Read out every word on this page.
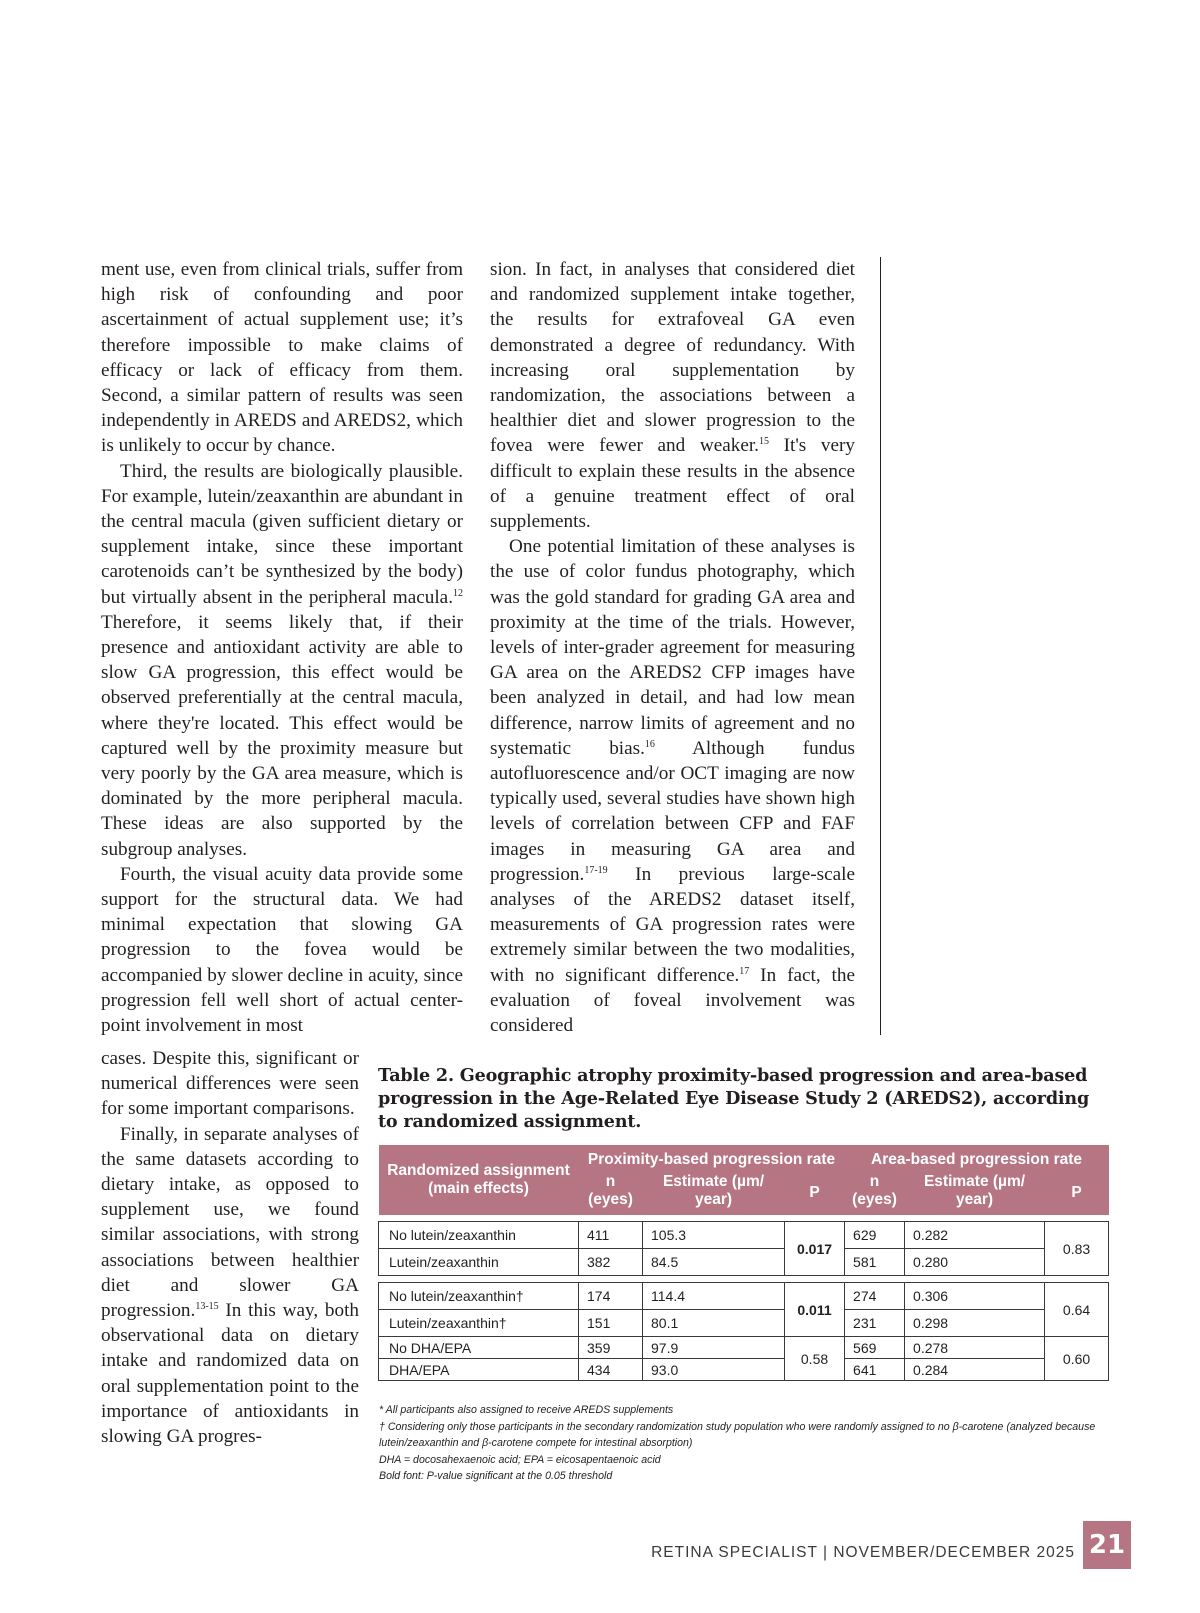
ment use, even from clinical trials, suffer from high risk of confounding and poor ascertainment of actual supplement use; it’s therefore impossible to make claims of efficacy or lack of efficacy from them. Second, a similar pattern of results was seen independently in AREDS and AREDS2, which is unlikely to occur by chance.

Third, the results are biologically plausible. For example, lutein/zeaxanthin are abundant in the central macula (given sufficient dietary or supplement intake, since these important carotenoids can’t be synthesized by the body) but virtually absent in the peripheral macula.$^{12}$ Therefore, it seems likely that, if their presence and antioxidant activity are able to slow GA progression, this effect would be observed preferentially at the central macula, where they're located. This effect would be captured well by the proximity measure but very poorly by the GA area measure, which is dominated by the more peripheral macula. These ideas are also supported by the subgroup analyses.

Fourth, the visual acuity data provide some support for the structural data. We had minimal expectation that slowing GA progression to the fovea would be accompanied by slower decline in acuity, since progression fell well short of actual center-point involvement in most

cases. Despite this, significant or numerical differences were seen for some important comparisons.

Finally, in separate analyses of the same datasets according to dietary intake, as opposed to supplement use, we found similar associations, with strong associations between healthier diet and slower GA progression.$^{13-15}$ In this way, both observational data on dietary intake and randomized data on oral supplementation point to the importance of antioxidants in slowing GA progres-

sion. In fact, in analyses that considered diet and randomized supplement intake together, the results for extrafoveal GA even demonstrated a degree of redundancy. With increasing oral supplementation by randomization, the associations between a healthier diet and slower progression to the fovea were fewer and weaker.$^{15}$ It's very difficult to explain these results in the absence of a genuine treatment effect of oral supplements.

One potential limitation of these analyses is the use of color fundus photography, which was the gold standard for grading GA area and proximity at the time of the trials. However, levels of inter-grader agreement for measuring GA area on the AREDS2 CFP images have been analyzed in detail, and had low mean difference, narrow limits of agreement and no systematic bias.$^{16}$ Although fundus autofluorescence and/or OCT imaging are now typically used, several studies have shown high levels of correlation between CFP and FAF images in measuring GA area and progression.$^{17-19}$ In previous large-scale analyses of the AREDS2 dataset itself, measurements of GA progression rates were extremely similar between the two modalities, with no significant difference.$^{17}$ In fact, the evaluation of foveal involvement was considered

Table 2. Geographic atrophy proximity-based progression and area-based progression in the Age-Related Eye Disease Study 2 (AREDS2), according to randomized assignment.
Randomized assignment (main effects)	Proximity-based progression rate			Area-based progression rate		
	n (eyes)	Estimate (µm/ year)	P	n (eyes)	Estimate (µm/ year)	P

No lutein/zeaxanthin	411	105.3	0.017	629	0.282	0.83
Lutein/zeaxanthin	382	84.5		581	0.280	

No lutein/zeaxanthin†	174	114.4	0.011	274	0.306	0.64
Lutein/zeaxanthin†	151	80.1		231	0.298	
No DHA/EPA	359	97.9	0.58	569	0.278	0.60
DHA/EPA	434	93.0		641	0.284	
* All participants also assigned to receive AREDS supplements
† Considering only those participants in the secondary randomization study population who were randomly assigned to no β-carotene (analyzed because lutein/zeaxanthin and β-carotene compete for intestinal absorption)
DHA = docosahexaenoic acid; EPA = eicosapentaenoic acid
Bold font: P-value significant at the 0.05 threshold
RETINA SPECIALIST | NOVEMBER/DECEMBER 2025 21
